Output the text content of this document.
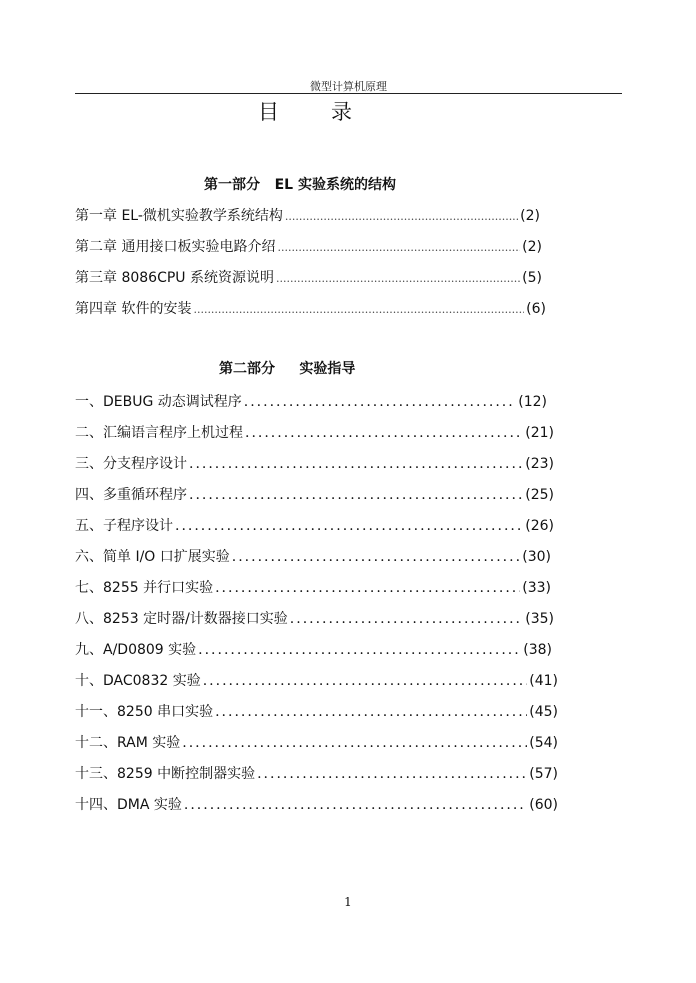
微型计算机原理
目 录
第一部分   EL 实验系统的结构
第一章 EL-微机实验教学系统结构 .....	(2)
第二章 通用接口板实验电路介绍 .....	(2)
第三章 8086CPU 系统资源说明 .....	(5)
第四章 软件的安装 .....	(6)
第二部分     实验指导
一、DEBUG 动态调试程序 .....	(12)
二、汇编语言程序上机过程 .....	(21)
三、分支程序设计 .....	(23)
四、多重循环程序 .....	(25)
五、子程序设计 .....	(26)
六、简单 I/O 口扩展实验 .....	(30)
七、8255 并行口实验 .....	(33)
八、8253 定时器/计数器接口实验 .....	(35)
九、A/D0809 实验 .....	(38)
十、DAC0832 实验 .....	(41)
十一、8250 串口实验 .....	(45)
十二、RAM 实验 .....	(54)
十三、8259 中断控制器实验 .....	(57)
十四、DMA 实验 .....	(60)
1
